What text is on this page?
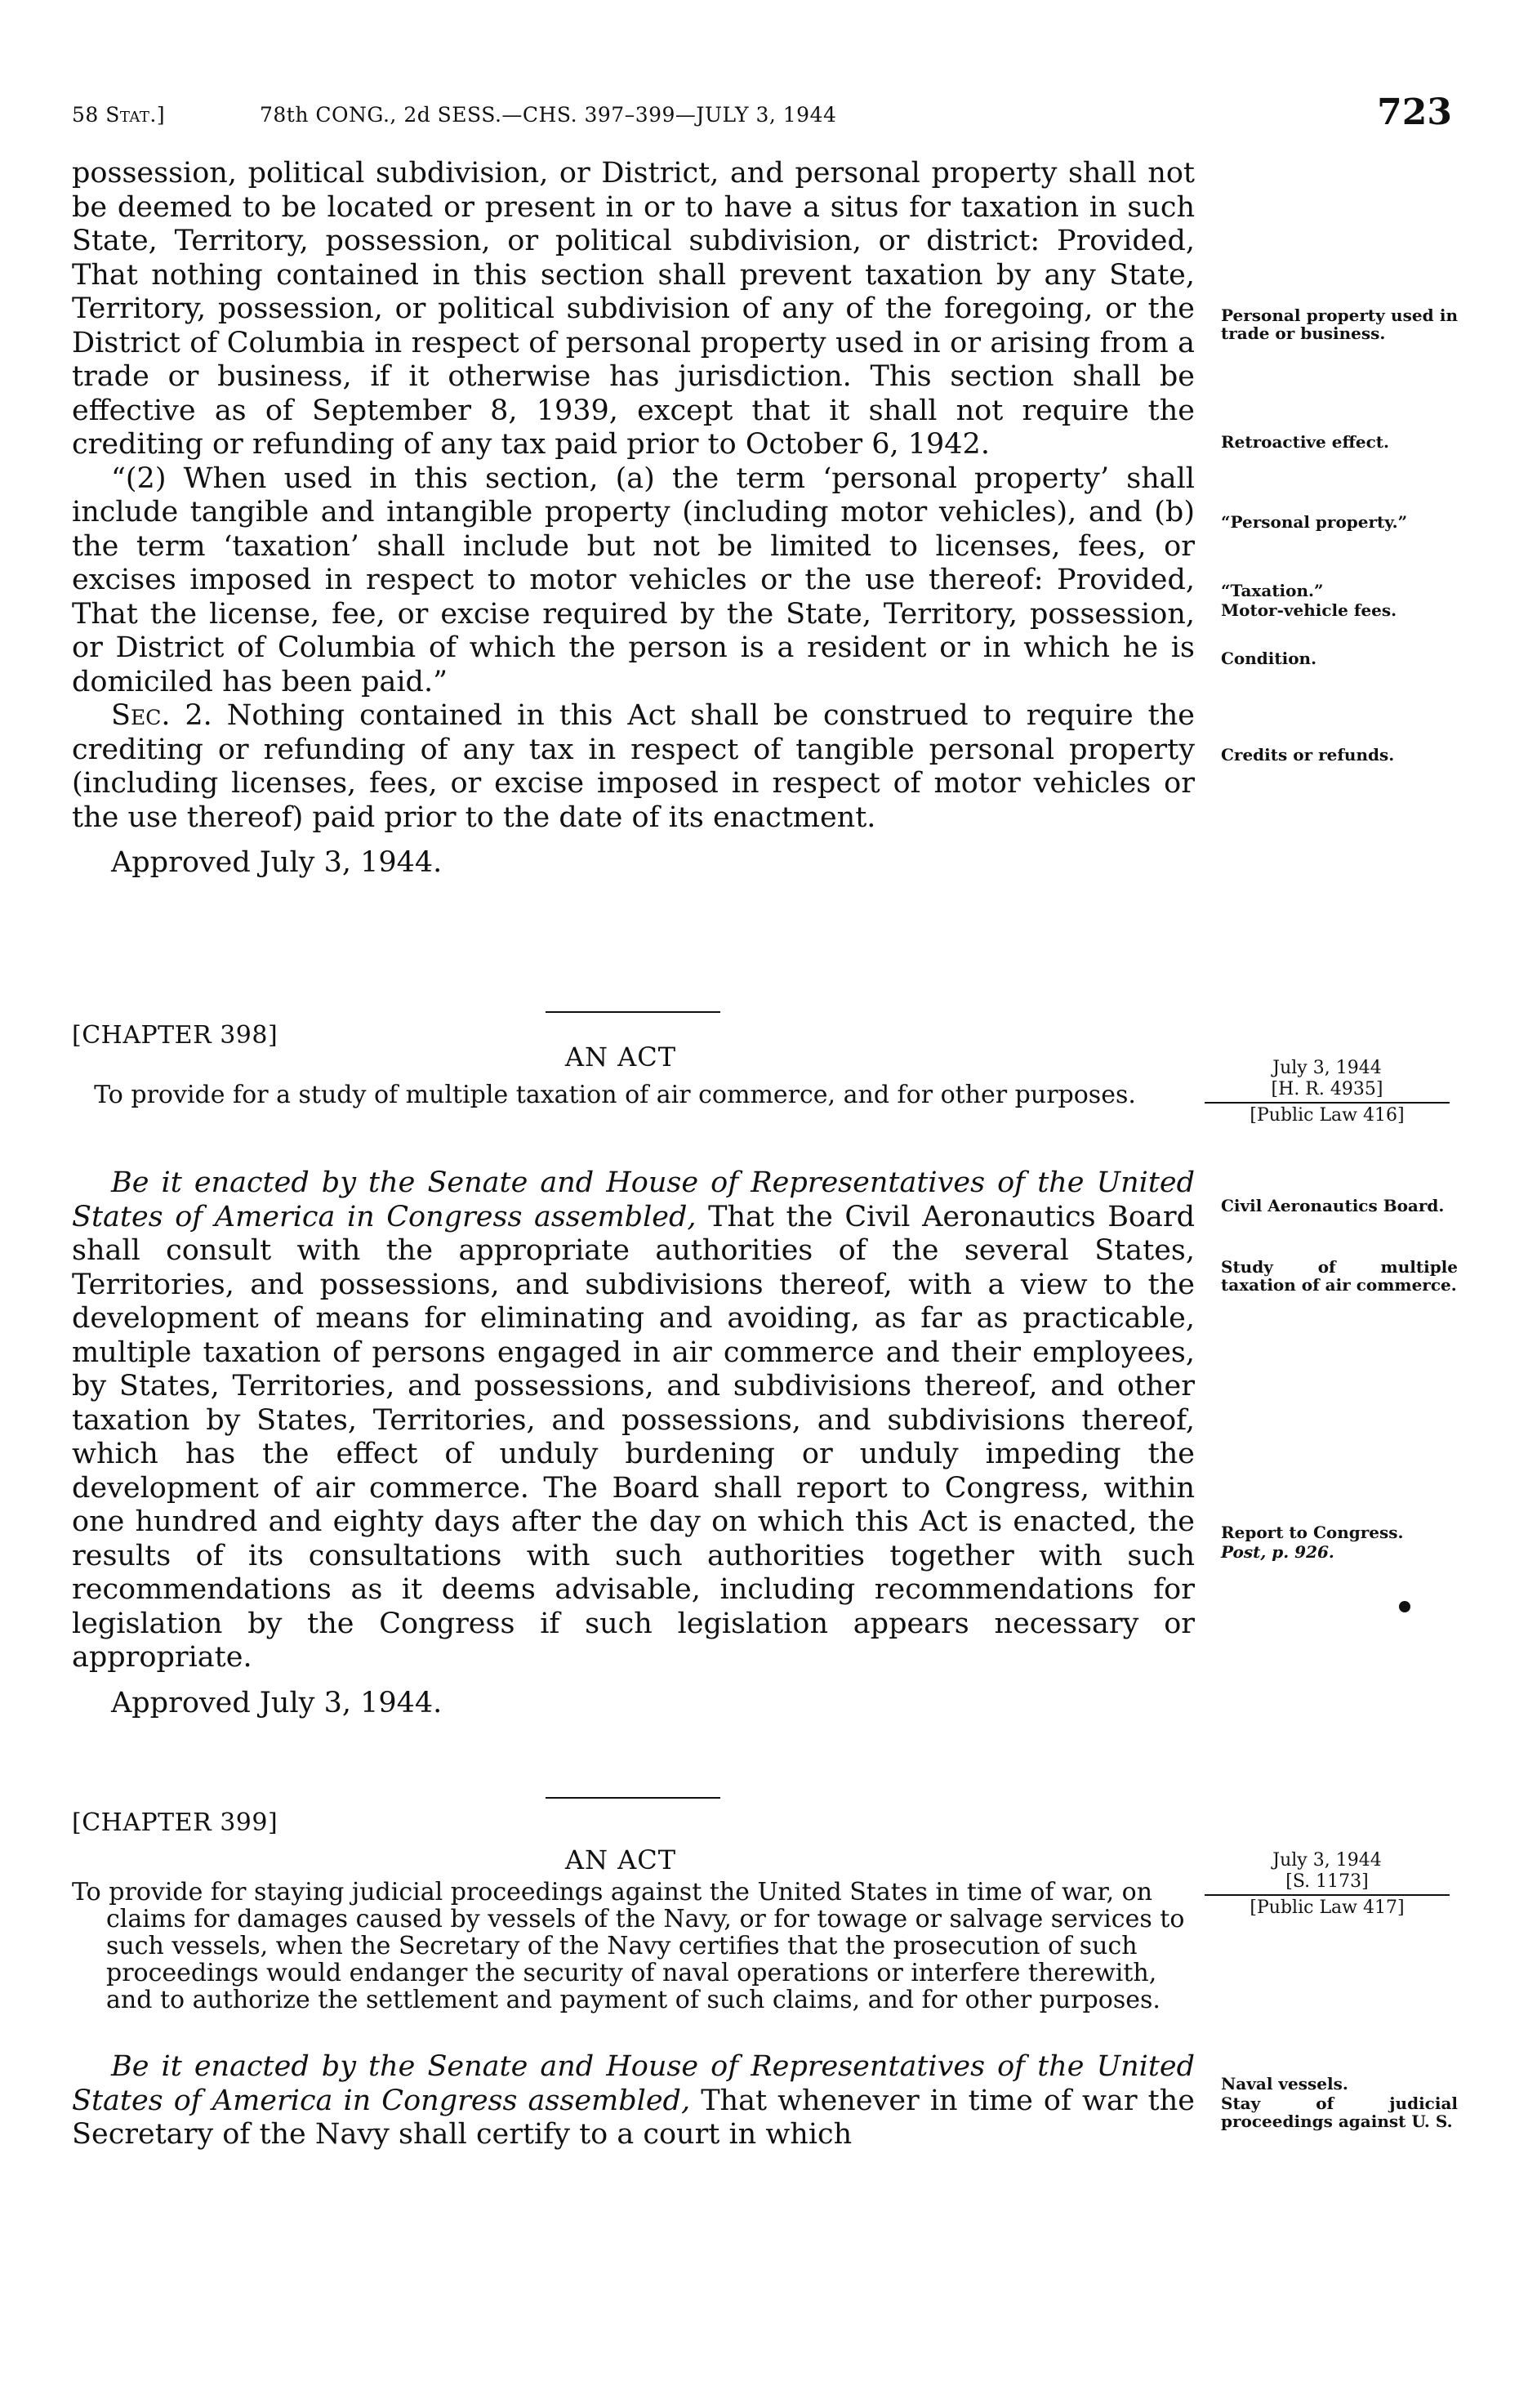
58 Stat.]	78th CONG., 2d SESS.—CHS. 397–399—JULY 3, 1944	723

possession, political subdivision, or District, and personal property shall not be deemed to be located or present in or to have a situs for taxation in such State, Territory, possession, or political subdivision, or district: Provided, That nothing contained in this section shall prevent taxation by any State, Territory, possession, or political subdivision of any of the foregoing, or the District of Columbia in respect of personal property used in or arising from a trade or business, if it otherwise has jurisdiction. This section shall be effective as of September 8, 1939, except that it shall not require the crediting or refunding of any tax paid prior to October 6, 1942.

“(2) When used in this section, (a) the term ‘personal property’ shall include tangible and intangible property (including motor vehicles), and (b) the term ‘taxation’ shall include but not be limited to licenses, fees, or excises imposed in respect to motor vehicles or the use thereof: Provided, That the license, fee, or excise required by the State, Territory, possession, or District of Columbia of which the person is a resident or in which he is domiciled has been paid.”

Sec. 2. Nothing contained in this Act shall be construed to require the crediting or refunding of any tax in respect of tangible personal property (including licenses, fees, or excise imposed in respect of motor vehicles or the use thereof) paid prior to the date of its enactment.

Approved July 3, 1944.

[CHAPTER 398]
AN ACT
To provide for a study of multiple taxation of air commerce, and for other purposes.

Be it enacted by the Senate and House of Representatives of the United States of America in Congress assembled, That the Civil Aeronautics Board shall consult with the appropriate authorities of the several States, Territories, and possessions, and subdivisions thereof, with a view to the development of means for eliminating and avoiding, as far as practicable, multiple taxation of persons engaged in air commerce and their employees, by States, Territories, and possessions, and subdivisions thereof, and other taxation by States, Territories, and possessions, and subdivisions thereof, which has the effect of unduly burdening or unduly impeding the development of air commerce. The Board shall report to Congress, within one hundred and eighty days after the day on which this Act is enacted, the results of its consultations with such authorities together with such recommendations as it deems advisable, including recommendations for legislation by the Congress if such legislation appears necessary or appropriate.

Approved July 3, 1944.

[CHAPTER 399]
AN ACT
To provide for staying judicial proceedings against the United States in time of war, on claims for damages caused by vessels of the Navy, or for towage or salvage services to such vessels, when the Secretary of the Navy certifies that the prosecution of such proceedings would endanger the security of naval operations or interfere therewith, and to authorize the settlement and payment of such claims, and for other purposes.

Be it enacted by the Senate and House of Representatives of the United States of America in Congress assembled, That whenever in time of war the Secretary of the Navy shall certify to a court in which

Personal property used in trade or business.
Retroactive effect.
“Personal property.”
“Taxation.”
Motor-vehicle fees.
Condition.
Credits or refunds.
July 3, 1944
[H. R. 4935]
[Public Law 416]
Civil Aeronautics Board.
Study of multiple taxation of air commerce.
Report to Congress.
Post, p. 926.
July 3, 1944
[S. 1173]
[Public Law 417]
Naval vessels.
Stay of judicial proceedings against U. S.
